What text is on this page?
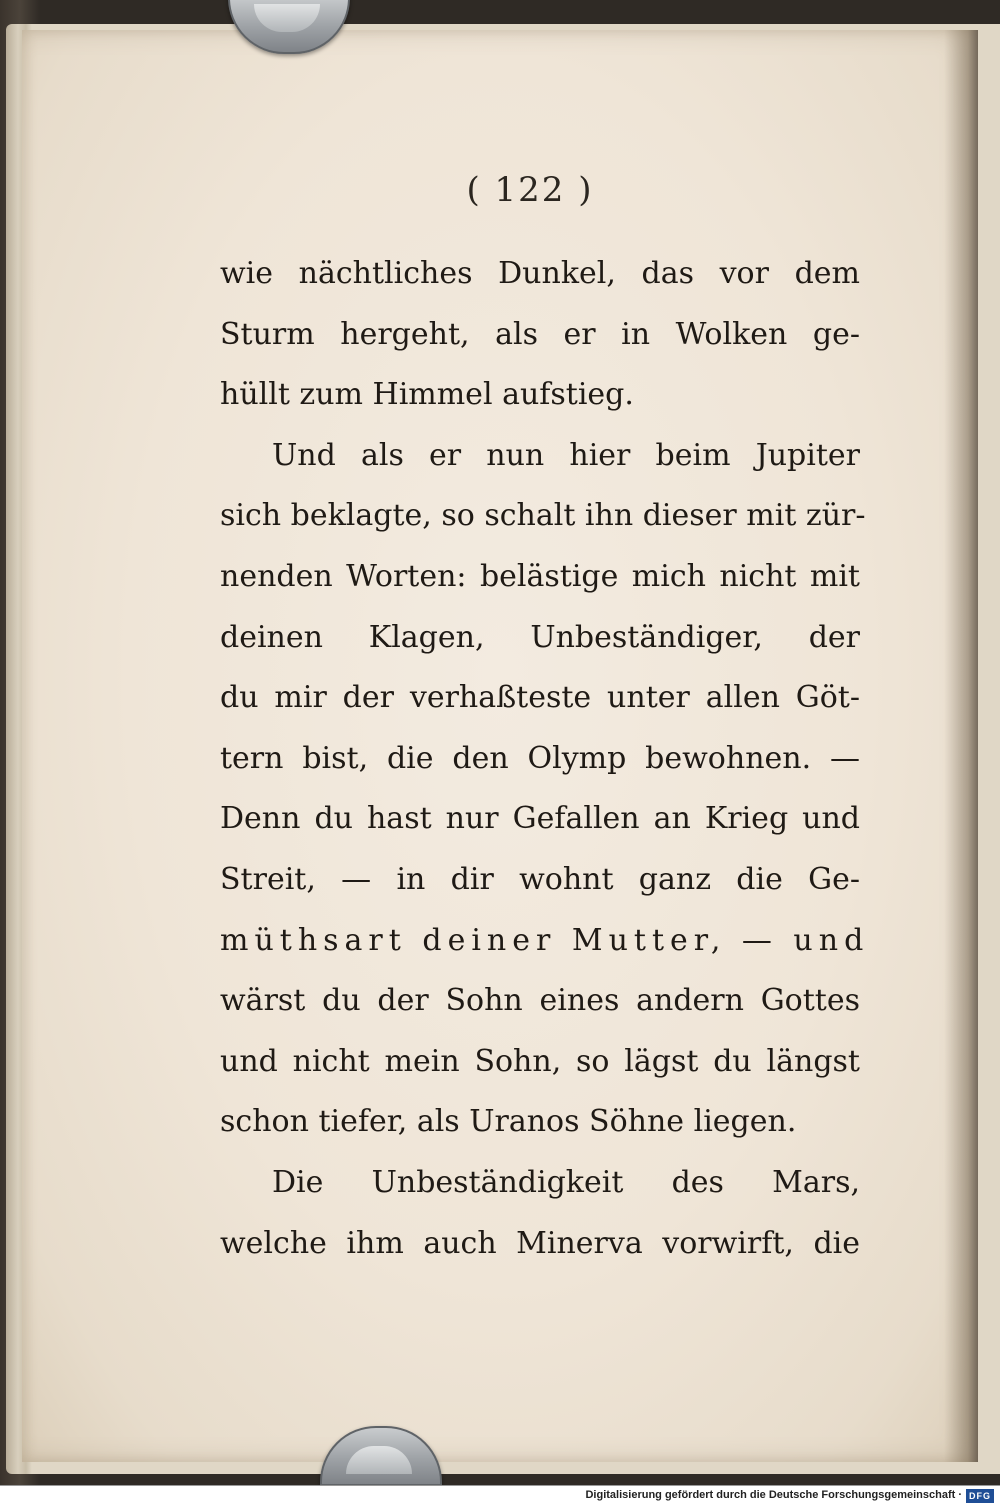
( 122 )
wie nächtliches Dunkel, das vor dem
Sturm hergeht, als er in Wolken ge-
hüllt zum Himmel aufstieg.
Und als er nun hier beim Jupiter
sich beklagte, so schalt ihn dieser mit zür-
nenden Worten: belästige mich nicht mit
deinen Klagen, Unbeständiger, der
du mir der verhaßteste unter allen Göt-
tern bist, die den Olymp bewohnen. —
Denn du hast nur Gefallen an Krieg und
Streit, — in dir wohnt ganz die Ge-
müthsart deiner Mutter, — und
wärst du der Sohn eines andern Gottes
und nicht mein Sohn, so lägst du längst
schon tiefer, als Uranos Söhne liegen.
Die Unbeständigkeit des Mars,
welche ihm auch Minerva vorwirft, die
Digitalisierung gefördert durch die Deutsche Forschungsgemeinschaft · DFG
